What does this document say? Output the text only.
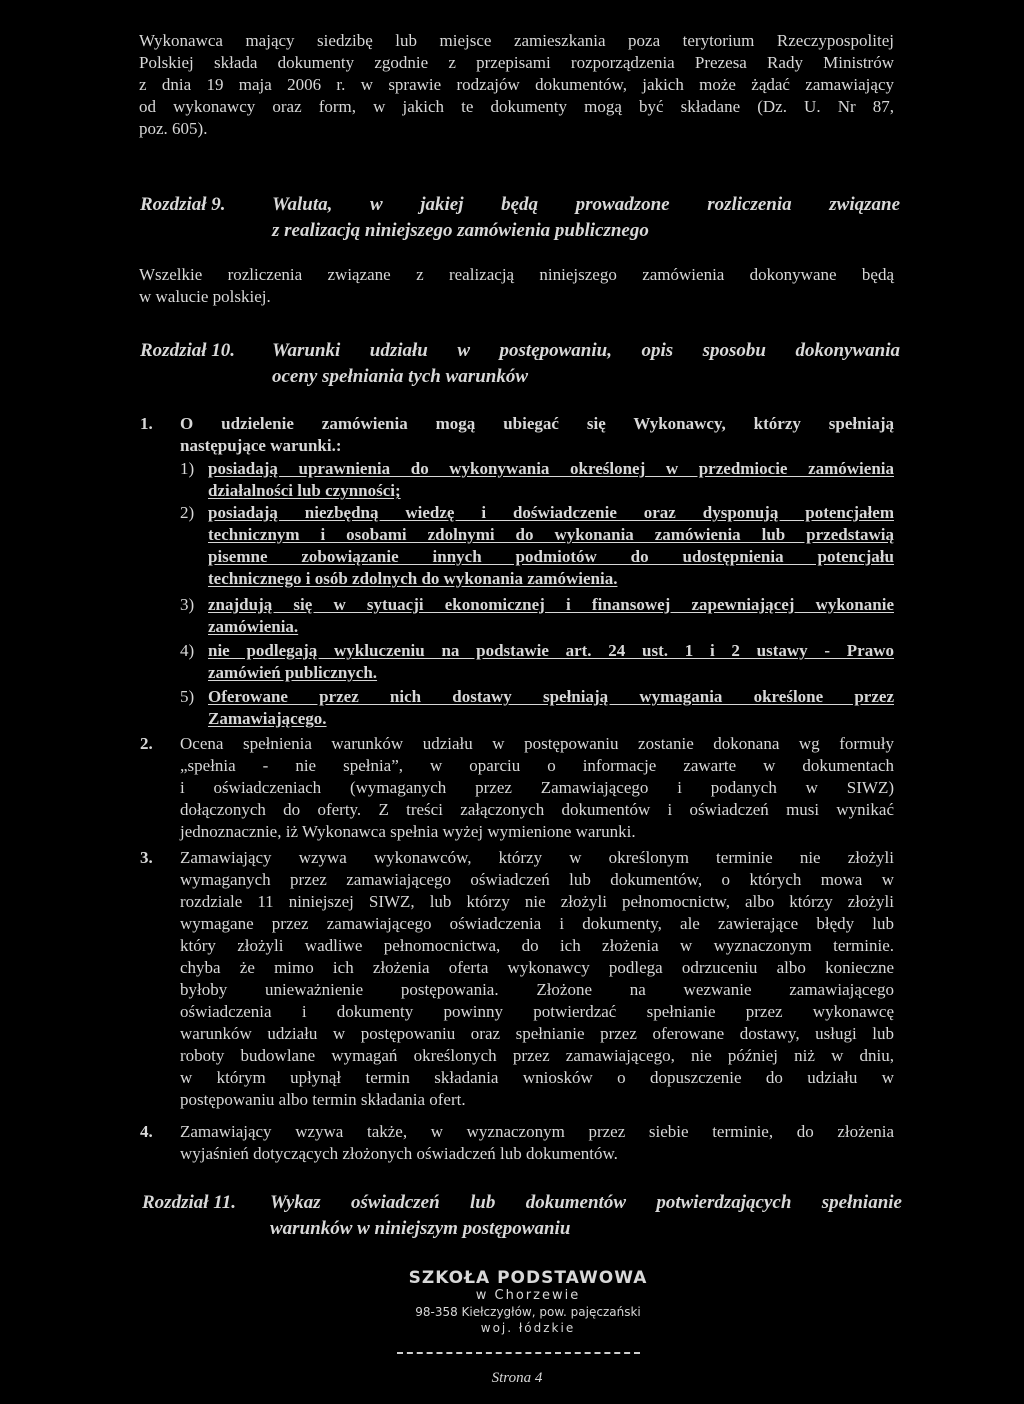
Wykonawca mający siedzibę lub miejsce zamieszkania poza terytorium Rzeczypospolitej

Polskiej składa dokumenty zgodnie z przepisami rozporządzenia Prezesa Rady Ministrów

z dnia 19 maja 2006 r. w sprawie rodzajów dokumentów, jakich może żądać zamawiający

od wykonawcy oraz form, w jakich te dokumenty mogą być składane (Dz. U. Nr 87,

poz. 605).

Rozdział 9. Waluta, w jakiej będą prowadzone rozliczenia związane

z realizacją niniejszego zamówienia publicznego

Wszelkie rozliczenia związane z realizacją niniejszego zamówienia dokonywane będą

w walucie polskiej.

Rozdział 10. Warunki udziału w postępowaniu, opis sposobu dokonywania

oceny spełniania tych warunków

1. O udzielenie zamówienia mogą ubiegać się Wykonawcy, którzy spełniają

następujące warunki.:

1) posiadają uprawnienia do wykonywania określonej w przedmiocie zamówienia

działalności lub czynności;

2) posiadają niezbędną wiedzę i doświadczenie oraz dysponują potencjałem

technicznym i osobami zdolnymi do wykonania zamówienia lub przedstawią

pisemne zobowiązanie innych podmiotów do udostępnienia potencjału

technicznego i osób zdolnych do wykonania zamówienia.

3) znajdują się w sytuacji ekonomicznej i finansowej zapewniającej wykonanie

zamówienia.

4) nie podlegają wykluczeniu na podstawie art. 24 ust. 1 i 2 ustawy - Prawo

zamówień publicznych.

5) Oferowane przez nich dostawy spełniają wymagania określone przez

Zamawiającego.

2. Ocena spełnienia warunków udziału w postępowaniu zostanie dokonana wg formuły

„spełnia - nie spełnia”, w oparciu o informacje zawarte w dokumentach

i oświadczeniach (wymaganych przez Zamawiającego i podanych w SIWZ)

dołączonych do oferty. Z treści załączonych dokumentów i oświadczeń musi wynikać

jednoznacznie, iż Wykonawca spełnia wyżej wymienione warunki.

3. Zamawiający wzywa wykonawców, którzy w określonym terminie nie złożyli

wymaganych przez zamawiającego oświadczeń lub dokumentów, o których mowa w

rozdziale 11 niniejszej SIWZ, lub którzy nie złożyli pełnomocnictw, albo którzy złożyli

wymagane przez zamawiającego oświadczenia i dokumenty, ale zawierające błędy lub

który złożyli wadliwe pełnomocnictwa, do ich złożenia w wyznaczonym terminie.

chyba że mimo ich złożenia oferta wykonawcy podlega odrzuceniu albo konieczne

byłoby unieważnienie postępowania. Złożone na wezwanie zamawiającego

oświadczenia i dokumenty powinny potwierdzać spełnianie przez wykonawcę

warunków udziału w postępowaniu oraz spełnianie przez oferowane dostawy, usługi lub

roboty budowlane wymagań określonych przez zamawiającego, nie później niż w dniu,

w którym upłynął termin składania wniosków o dopuszczenie do udziału w

postępowaniu albo termin składania ofert.

4. Zamawiający wzywa także, w wyznaczonym przez siebie terminie, do złożenia

wyjaśnień dotyczących złożonych oświadczeń lub dokumentów.

Rozdział 11. Wykaz oświadczeń lub dokumentów potwierdzających spełnianie

warunków w niniejszym postępowaniu

SZKOŁA PODSTAWOWA
w Chorzewie
98-358 Kiełczygłów, pow. pajęczański
woj. łódzkie
Strona 4
